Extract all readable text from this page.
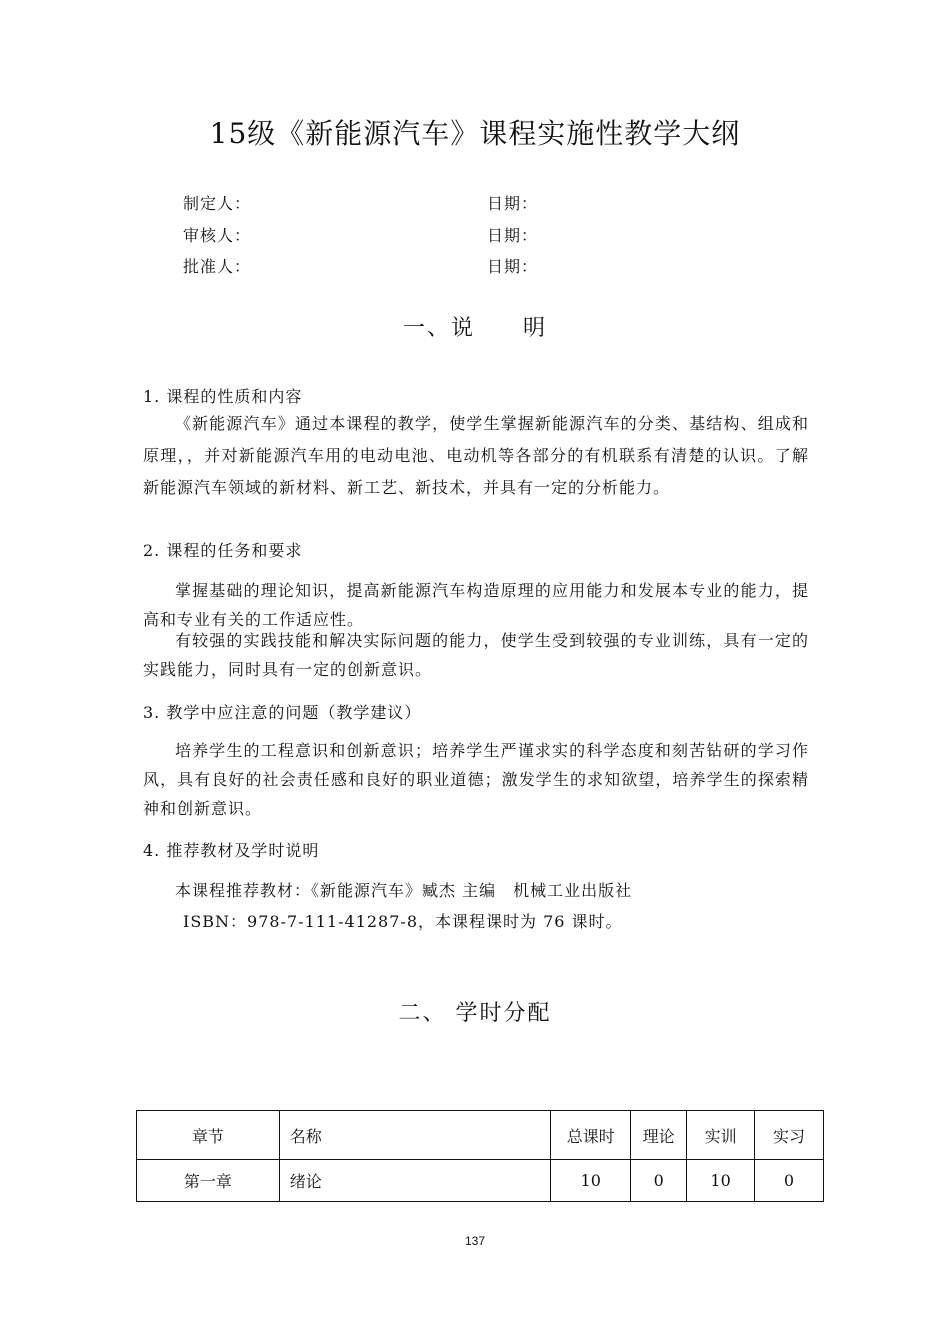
15级《新能源汽车》课程实施性教学大纲
制定人：	日期：
审核人：	日期：
批准人：	日期：
一、说　　明
1. 课程的性质和内容

《新能源汽车》通过本课程的教学，使学生掌握新能源汽车的分类、基结构、组成和原理，，并对新能源汽车用的电动电池、电动机等各部分的有机联系有清楚的认识。了解新能源汽车领域的新材料、新工艺、新技术，并具有一定的分析能力。

2. 课程的任务和要求

掌握基础的理论知识，提高新能源汽车构造原理的应用能力和发展本专业的能力，提高和专业有关的工作适应性。

有较强的实践技能和解决实际问题的能力，使学生受到较强的专业训练，具有一定的实践能力，同时具有一定的创新意识。

3. 教学中应注意的问题（教学建议）

培养学生的工程意识和创新意识；培养学生严谨求实的科学态度和刻苦钻研的学习作风，具有良好的社会责任感和良好的职业道德；激发学生的求知欲望，培养学生的探索精神和创新意识。

4. 推荐教材及学时说明
本课程推荐教材：《新能源汽车》臧杰 主编　机械工业出版社
ISBN：978-7-111-41287-8，本课程课时为 76 课时。
二、 学时分配
章节	名称	总课时	理论	实训	实习
第一章	绪论	10	0	10	0
137
